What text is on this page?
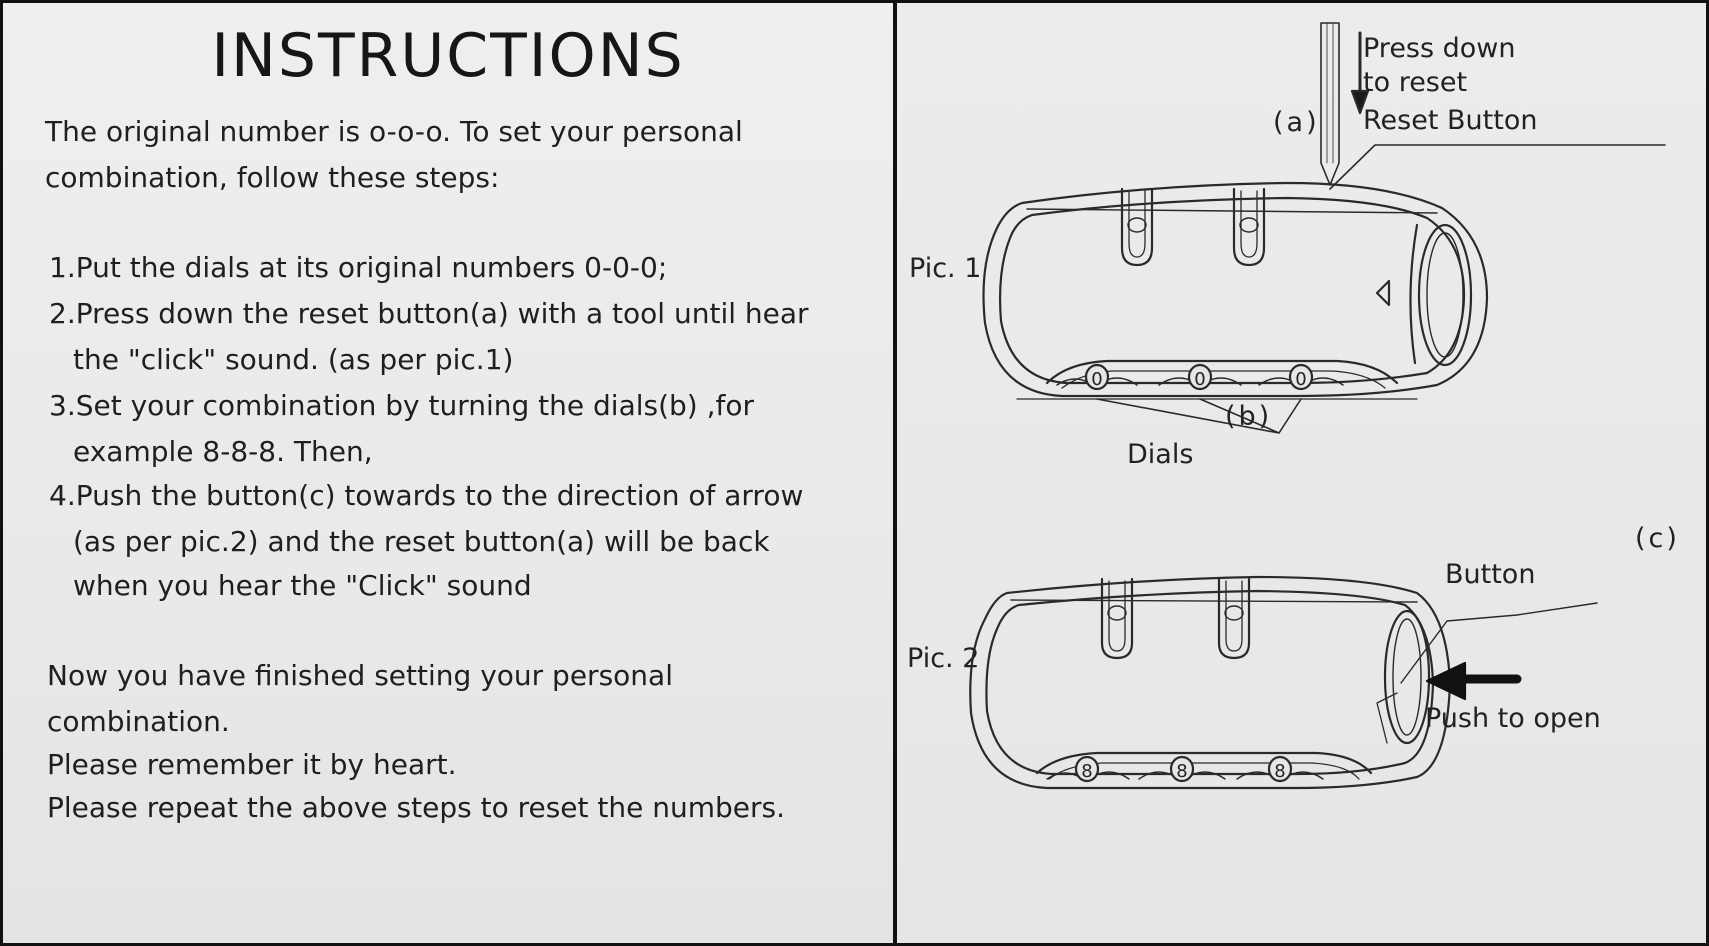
INSTRUCTIONS
The original number is o-o-o. To set your personal
combination, follow these steps:
1.Put the dials at its original numbers 0-0-0;
2.Press down the reset button(a) with a tool until hear
the "click" sound. (as per pic.1)
3.Set your combination by turning the dials(b) ,for
example 8-8-8. Then,
4.Push the button(c) towards to the direction of arrow
(as per pic.2) and the reset button(a) will be back
when you hear the "Click" sound
Now you have finished setting your personal
combination.
Please remember it by heart.
Please repeat the above steps to reset the numbers.
0	0	0
8	8	8
Press down
to reset
(a) Reset Button
Pic. 1
(b)
Dials
(c)
Button
Pic. 2
Push to open
